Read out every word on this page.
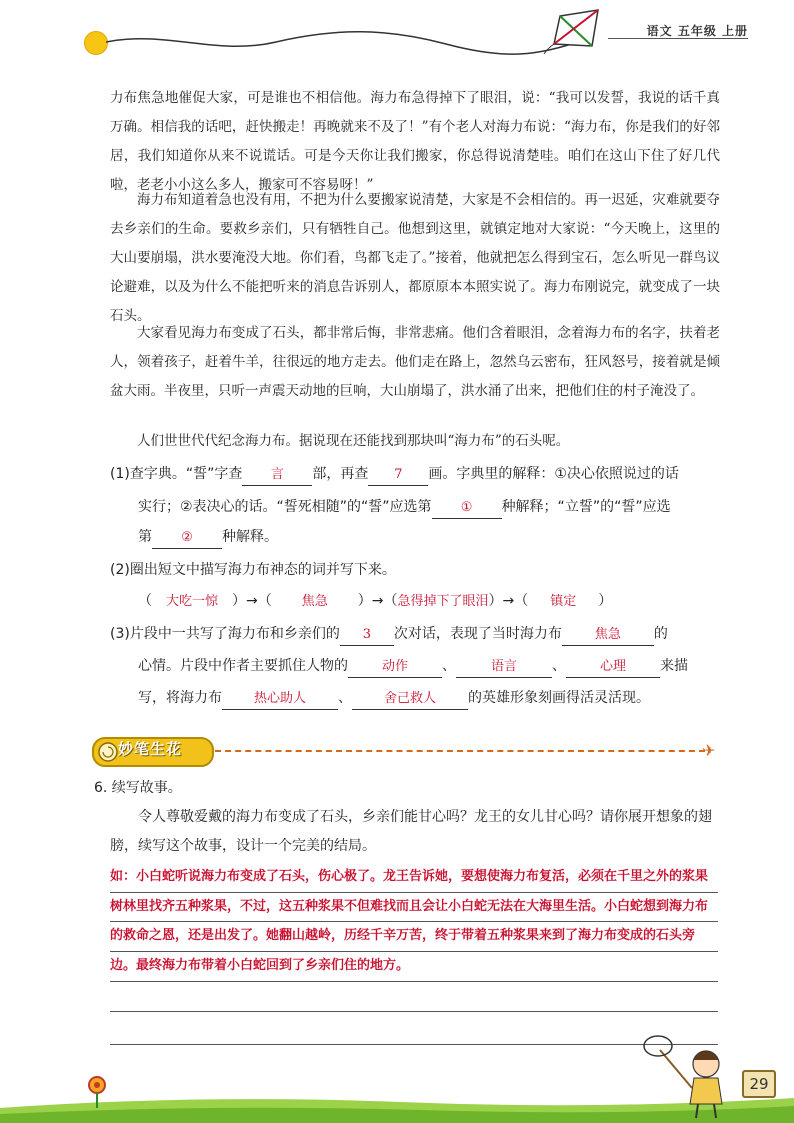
语文 五年级 上册
力布焦急地催促大家，可是谁也不相信他。海力布急得掉下了眼泪，说：“我可以发誓，我说的话千真万确。相信我的话吧，赶快搬走！再晚就来不及了！”有个老人对海力布说：“海力布，你是我们的好邻居，我们知道你从来不说谎话。可是今天你让我们搬家，你总得说清楚哇。咱们在这山下住了好几代啦，老老小小这么多人，搬家可不容易呀！”
海力布知道着急也没有用，不把为什么要搬家说清楚，大家是不会相信的。再一迟延，灾难就要夺去乡亲们的生命。要救乡亲们，只有牺牲自己。他想到这里，就镇定地对大家说：“今天晚上，这里的大山要崩塌，洪水要淹没大地。你们看，鸟都飞走了。”接着，他就把怎么得到宝石，怎么听见一群鸟议论避难，以及为什么不能把听来的消息告诉别人，都原原本本照实说了。海力布刚说完，就变成了一块石头。
大家看见海力布变成了石头，都非常后悔，非常悲痛。他们含着眼泪，念着海力布的名字，扶着老人，领着孩子，赶着牛羊，往很远的地方走去。他们走在路上，忽然乌云密布，狂风怒号，接着就是倾盆大雨。半夜里，只听一声震天动地的巨响，大山崩塌了，洪水涌了出来，把他们住的村子淹没了。
人们世世代代纪念海力布。据说现在还能找到那块叫“海力布”的石头呢。
(1)查字典。“誓”字查 言 部，再查 7 画。字典里的解释：①决心依照说过的话
实行；②表决心的话。“誓死相随”的“誓”应选第 ① 种解释；“立誓”的“誓”应选
第 ② 种解释。
(2)圈出短文中描写海力布神态的词并写下来。
（ 大吃一惊 ）→（ 焦急 ）→（急得掉下了眼泪）→（ 镇定 ）
(3)片段中一共写了海力布和乡亲们的 3 次对话，表现了当时海力布	焦急 的
心情。片段中作者主要抓住人物的	动作 、	语言	、	心理 来描
写，将海力布 热心助人 、 舍己救人 的英雄形象刻画得活灵活现。
妙笔生花	✈
6. 续写故事。
令人尊敬爱戴的海力布变成了石头，乡亲们能甘心吗？龙王的女儿甘心吗？请你展开想象的翅膀，续写这个故事，设计一个完美的结局。
如：小白蛇听说海力布变成了石头，伤心极了。龙王告诉她，要想使海力布复活，必须在千里之外的浆果树林里找齐五种浆果，不过，这五种浆果不但难找而且会让小白蛇无法在大海里生活。小白蛇想到海力布的救命之恩，还是出发了。她翻山越岭，历经千辛万苦，终于带着五种浆果来到了海力布变成的石头旁边。最终海力布带着小白蛇回到了乡亲们住的地方。
29
